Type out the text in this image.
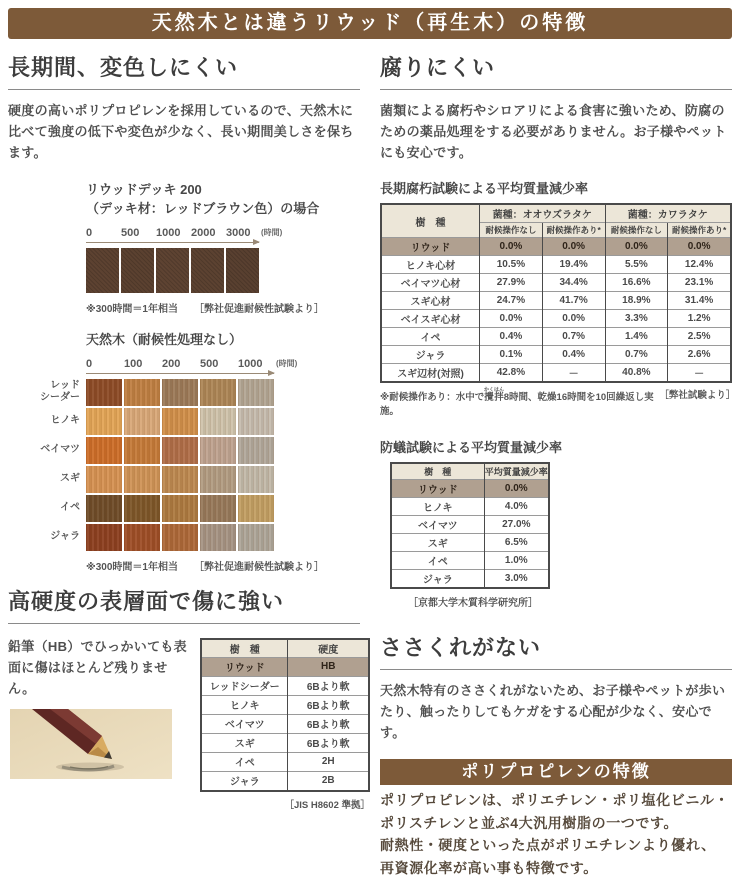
天然木とは違うリウッド（再生木）の特徴
長期間、変色しにくい
硬度の高いポリプロピレンを採用しているので、天然木に比べて強度の低下や変色が少なく、長い期間美しさを保ちます。
リウッドデッキ 200
（デッキ材：レッドブラウン色）の場合
0	500	1000 2000 3000	(時間)
※300時間＝1年相当 ［弊社促進耐候性試験より］
天然木（耐候性処理なし）
0	100	200	500	1000	(時間)
レッド
シーダー
ヒノキ
ベイマツ
スギ
イペ
ジャラ
※300時間＝1年相当 ［弊社促進耐候性試験より］
高硬度の表層面で傷に強い
鉛筆（HB）でひっかいても表面に傷はほとんど残りません。
樹　種	硬度
リウッド	HB
レッドシーダー	6Bより軟
ヒノキ	6Bより軟
ベイマツ	6Bより軟
スギ	6Bより軟
イペ	2H
ジャラ	2B
［JIS H8602 準拠］
腐りにくい
菌類による腐朽やシロアリによる食害に強いため、防腐のための薬品処理をする必要がありません。お子様やペットにも安心です。
長期腐朽試験による平均質量減少率
樹　種	菌種：オオウズラタケ		菌種：カワラタケ	
	耐候操作なし	耐候操作あり*	耐候操作なし	耐候操作あり*
リウッド	0.0%	0.0%	0.0%	0.0%
ヒノキ心材	10.5%	19.4%	5.5%	12.4%
ベイマツ心材	27.9%	34.4%	16.6%	23.1%
スギ心材	24.7%	41.7%	18.9%	31.4%
ベイスギ心材	0.0%	0.0%	3.3%	1.2%
イペ	0.4%	0.7%	1.4%	2.5%
ジャラ	0.1%	0.4%	0.7%	2.6%
スギ辺材(対照)	42.8%	－	40.8%	－
※耐候操作あり：水中で攪拌かくはん8時間、乾燥16時間を10回繰返し実施。
［弊社試験より］
防蟻試験による平均質量減少率
樹　種	平均質量減少率
リウッド	0.0%
ヒノキ	4.0%
ベイマツ	27.0%
スギ	6.5%
イペ	1.0%
ジャラ	3.0%
［京都大学木質科学研究所］
ささくれがない
天然木特有のささくれがないため、お子様やペットが歩いたり、触ったりしてもケガをする心配が少なく、安心です。
ポリプロピレンの特徴
ポリプロピレンは、ポリエチレン・ポリ塩化ビニル・
ポリスチレンと並ぶ4大汎用樹脂の一つです。
耐熱性・硬度といった点がポリエチレンより優れ、
再資源化率が高い事も特徴です。
